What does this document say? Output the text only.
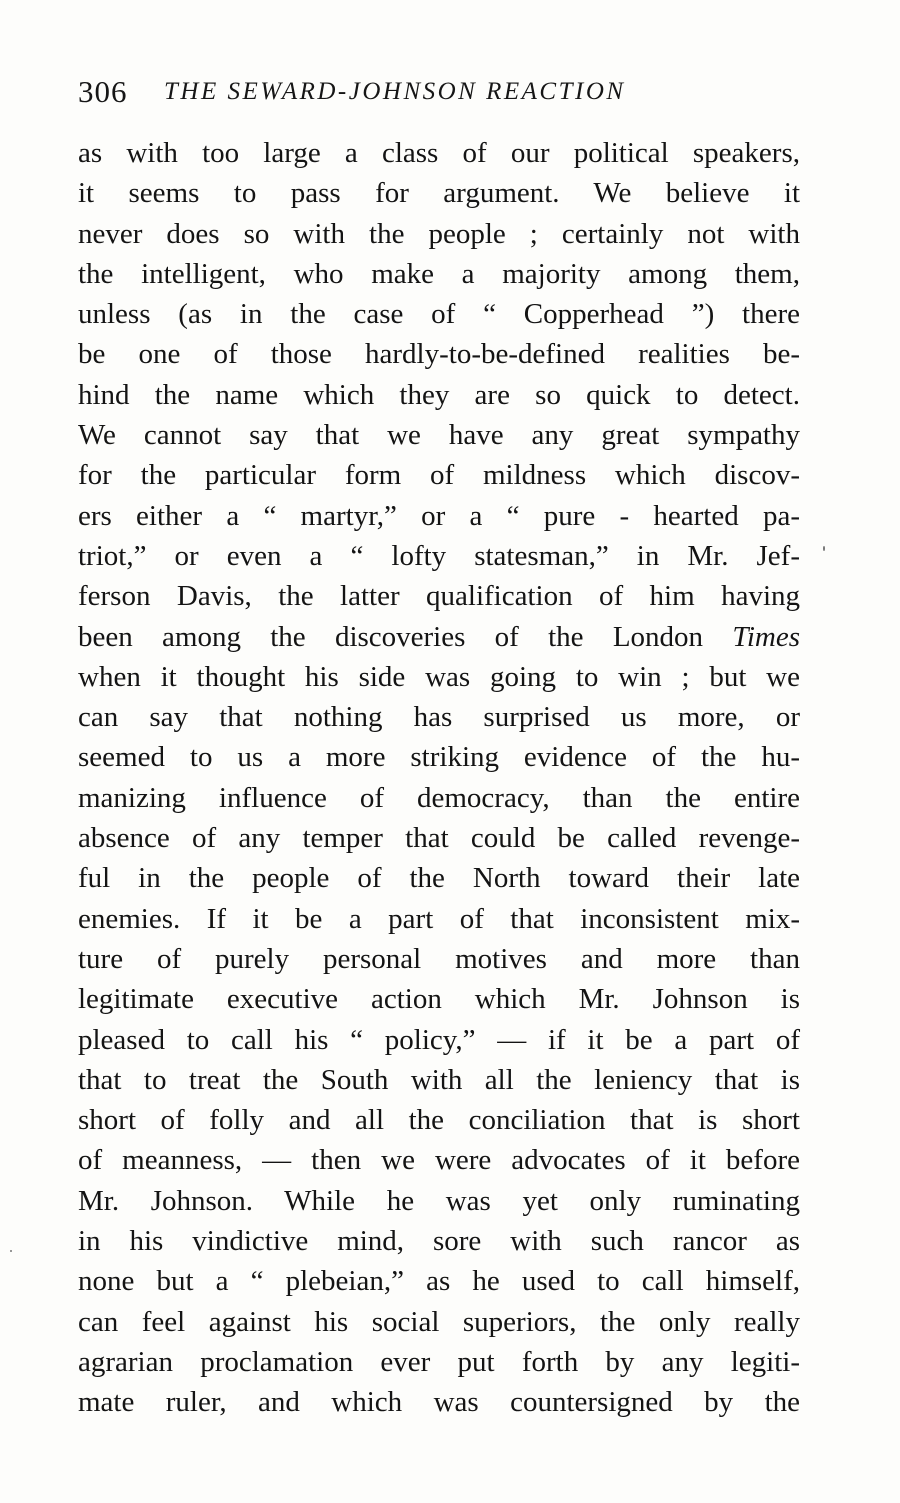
306 THE SEWARD-JOHNSON REACTION
as with too large a class of our political speakers,
it seems to pass for argument. We believe it
never does so with the people ; certainly not with
the intelligent, who make a majority among them,
unless (as in the case of “ Copperhead ”) there
be one of those hardly-to-be-defined realities be-
hind the name which they are so quick to detect.
We cannot say that we have any great sympathy
for the particular form of mildness which discov-
ers either a “ martyr,” or a “ pure - hearted pa-
triot,” or even a “ lofty statesman,” in Mr. Jef-
ferson Davis, the latter qualification of him having
been among the discoveries of the London Times
when it thought his side was going to win ; but we
can say that nothing has surprised us more, or
seemed to us a more striking evidence of the hu-
manizing influence of democracy, than the entire
absence of any temper that could be called revenge-
ful in the people of the North toward their late
enemies. If it be a part of that inconsistent mix-
ture of purely personal motives and more than
legitimate executive action which Mr. Johnson is
pleased to call his “ policy,” — if it be a part of
that to treat the South with all the leniency that is
short of folly and all the conciliation that is short
of meanness, — then we were advocates of it before
Mr. Johnson. While he was yet only ruminating
in his vindictive mind, sore with such rancor as
none but a “ plebeian,” as he used to call himself,
can feel against his social superiors, the only really
agrarian proclamation ever put forth by any legiti-
mate ruler, and which was countersigned by the
